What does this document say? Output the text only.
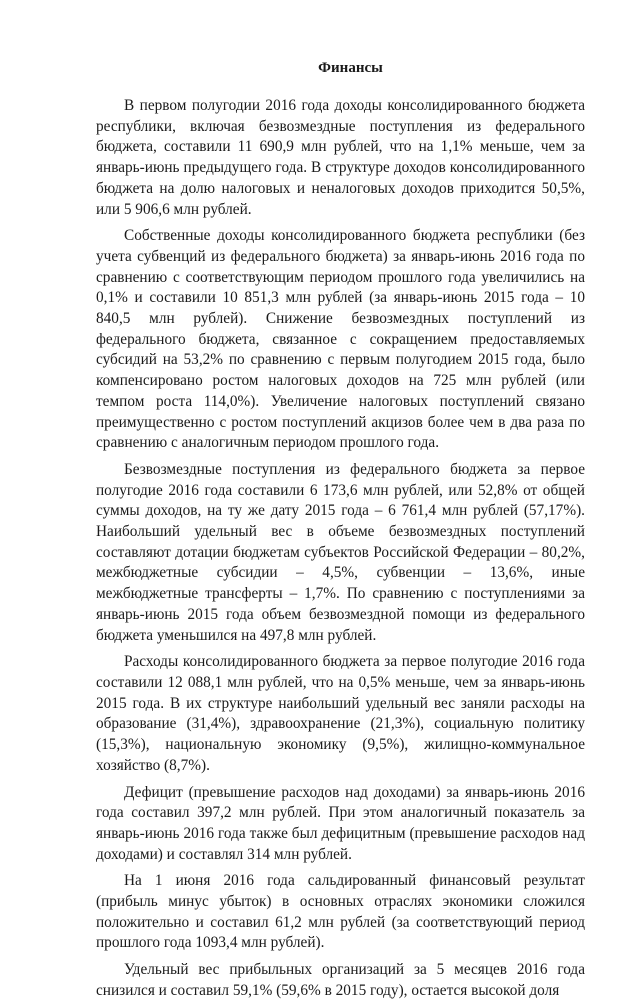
Финансы

В первом полугодии 2016 года доходы консолидированного бюджета республики, включая безвозмездные поступления из федерального бюджета, составили 11 690,9 млн рублей, что на 1,1% меньше, чем за январь-июнь предыдущего года. В структуре доходов консолидированного бюджета на долю налоговых и неналоговых доходов приходится 50,5%, или 5 906,6 млн рублей.

Собственные доходы консолидированного бюджета республики (без учета субвенций из федерального бюджета) за январь-июнь 2016 года по сравнению с соответствующим периодом прошлого года увеличились на 0,1% и составили 10 851,3 млн рублей (за январь-июнь 2015 года – 10 840,5 млн рублей). Снижение безвозмездных поступлений из федерального бюджета, связанное с сокращением предоставляемых субсидий на 53,2% по сравнению с первым полугодием 2015 года, было компенсировано ростом налоговых доходов на 725 млн рублей (или темпом роста 114,0%). Увеличение налоговых поступлений связано преимущественно с ростом поступлений акцизов более чем в два раза по сравнению с аналогичным периодом прошлого года.

Безвозмездные поступления из федерального бюджета за первое полугодие 2016 года составили 6 173,6 млн рублей, или 52,8% от общей суммы доходов, на ту же дату 2015 года – 6 761,4 млн рублей (57,17%). Наибольший удельный вес в объеме безвозмездных поступлений составляют дотации бюджетам субъектов Российской Федерации – 80,2%, межбюджетные субсидии – 4,5%, субвенции – 13,6%, иные межбюджетные трансферты – 1,7%. По сравнению с поступлениями за январь-июнь 2015 года объем безвозмездной помощи из федерального бюджета уменьшился на 497,8 млн рублей.

Расходы консолидированного бюджета за первое полугодие 2016 года составили 12 088,1 млн рублей, что на 0,5% меньше, чем за январь-июнь 2015 года. В их структуре наибольший удельный вес заняли расходы на образование (31,4%), здравоохранение (21,3%), социальную политику (15,3%), национальную экономику (9,5%), жилищно-коммунальное хозяйство (8,7%).

Дефицит (превышение расходов над доходами) за январь-июнь 2016 года составил 397,2 млн рублей. При этом аналогичный показатель за январь-июнь 2016 года также был дефицитным (превышение расходов над доходами) и составлял 314 млн рублей.

На 1 июня 2016 года сальдированный финансовый результат (прибыль минус убыток) в основных отраслях экономики сложился положительно и составил 61,2 млн рублей (за соответствующий период прошлого года 1093,4 млн рублей).

Удельный вес прибыльных организаций за 5 месяцев 2016 года снизился и составил 59,1% (59,6% в 2015 году), остается высокой доля
